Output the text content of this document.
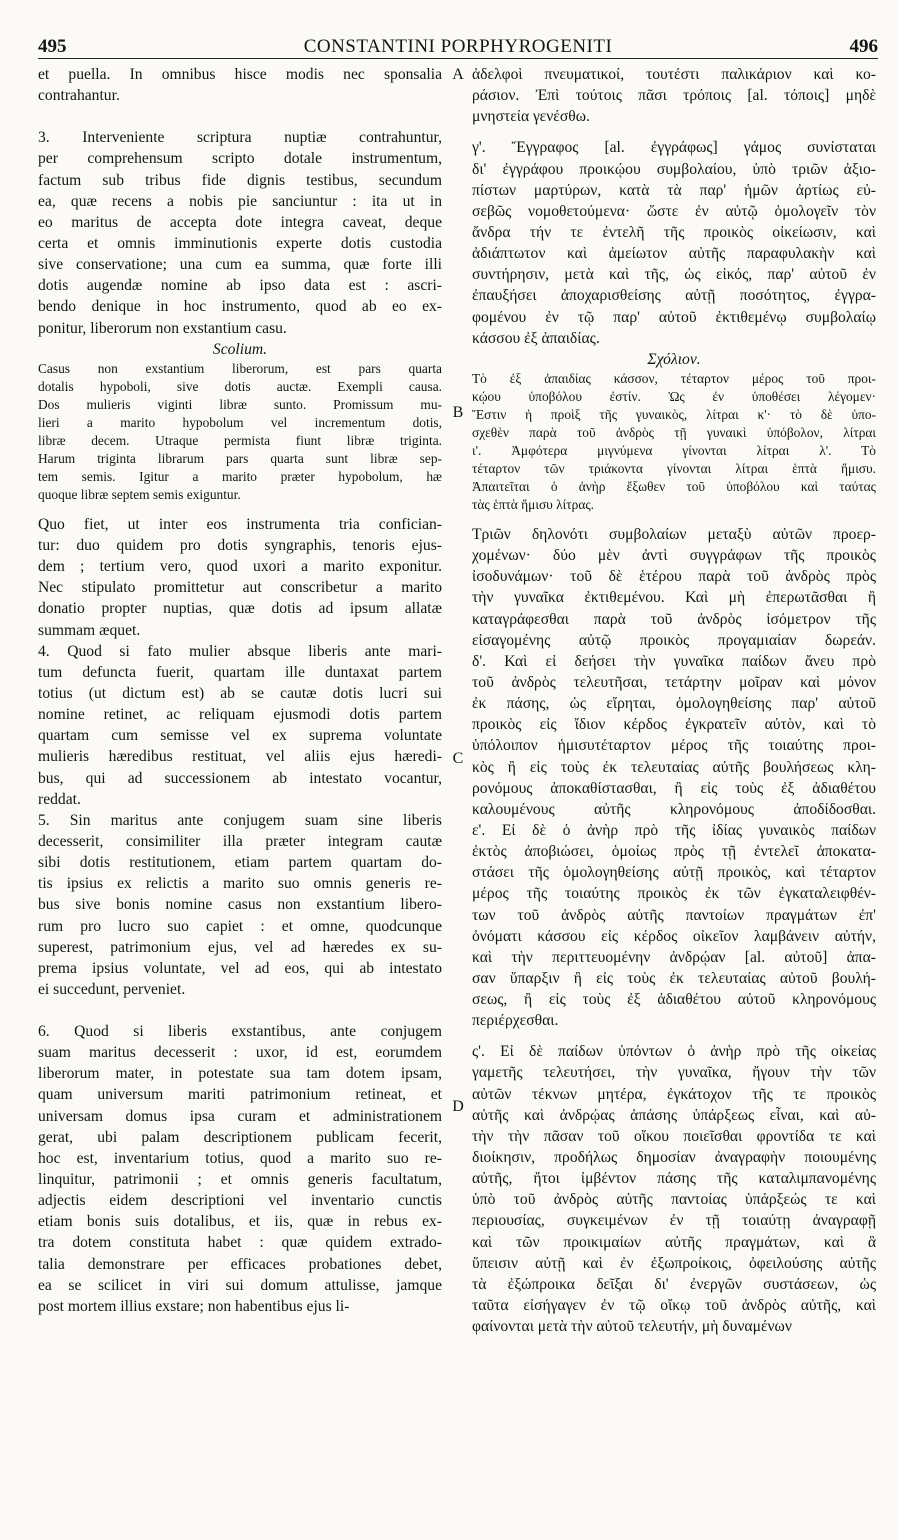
495	CONSTANTINI PORPHYROGENITI	496
A
B
C
D
et puella. In omnibus hisce modis nec sponsalia
contrahantur.
3. Interveniente scriptura nuptiæ contrahuntur,
per comprehensum scripto dotale instrumentum,
factum sub tribus fide dignis testibus, secundum
ea, quæ recens a nobis pie sanciuntur : ita ut in
eo maritus de accepta dote integra caveat, deque
certa et omnis imminutionis experte dotis custodia
sive conservatione; una cum ea summa, quæ forte illi
dotis augendæ nomine ab ipso data est : ascri-
bendo denique in hoc instrumento, quod ab eo ex-
ponitur, liberorum non exstantium casu.
Scolium.
Casus non exstantium liberorum, est pars quarta
dotalis hypoboli, sive dotis auctæ. Exempli causa.
Dos mulieris viginti libræ sunto. Promissum mu-
lieri a marito hypobolum vel incrementum dotis,
libræ decem. Utraque permista fiunt libræ triginta.
Harum triginta librarum pars quarta sunt libræ sep-
tem semis. Igitur a marito præter hypobolum, hæ
quoque libræ septem semis exiguntur.
Quo fiet, ut inter eos instrumenta tria confician-
tur: duo quidem pro dotis syngraphis, tenoris ejus-
dem ; tertium vero, quod uxori a marito exponitur.
Nec stipulato promittetur aut conscribetur a marito
donatio propter nuptias, quæ dotis ad ipsum allatæ
summam æquet.
4. Quod si fato mulier absque liberis ante mari-
tum defuncta fuerit, quartam ille duntaxat partem
totius (ut dictum est) ab se cautæ dotis lucri sui
nomine retinet, ac reliquam ejusmodi dotis partem
quartam cum semisse vel ex suprema voluntate
mulieris hæredibus restituat, vel aliis ejus hæredi-
bus, qui ad successionem ab intestato vocantur,
reddat.
5. Sin maritus ante conjugem suam sine liberis
decesserit, consimiliter illa præter integram cautæ
sibi dotis restitutionem, etiam partem quartam do-
tis ipsius ex relictis a marito suo omnis generis re-
bus sive bonis nomine casus non exstantium libero-
rum pro lucro suo capiet : et omne, quodcunque
superest, patrimonium ejus, vel ad hæredes ex su-
prema ipsius voluntate, vel ad eos, qui ab intestato
ei succedunt, perveniet.
6. Quod si liberis exstantibus, ante conjugem
suam maritus decesserit : uxor, id est, eorumdem
liberorum mater, in potestate sua tam dotem ipsam,
quam universum mariti patrimonium retineat, et
universam domus ipsa curam et administrationem
gerat, ubi palam descriptionem publicam fecerit,
hoc est, inventarium totius, quod a marito suo re-
linquitur, patrimonii ; et omnis generis facultatum,
adjectis eidem descriptioni vel inventario cunctis
etiam bonis suis dotalibus, et iis, quæ in rebus ex-
tra dotem constituta habet : quæ quidem extrado-
talia demonstrare per efficaces probationes debet,
ea se scilicet in viri sui domum attulisse, jamque
post mortem illius exstare; non habentibus ejus li-
ἀδελφοὶ πνευματικοί, τουτέστι παλικάριον καὶ κο-
ράσιον. Ἐπὶ τούτοις πᾶσι τρόποις [al. τόποις] μηδὲ
μνηστεία γενέσθω.
γ'. Ἔγγραφος [al. ἐγγράφως] γάμος συνίσταται
δι' ἐγγράφου προικῴου συμβολαίου, ὑπὸ τριῶν ἀξιο-
πίστων μαρτύρων, κατὰ τὰ παρ' ἡμῶν ἀρτίως εὐ-
σεβῶς νομοθετούμενα· ὥστε ἐν αὐτῷ ὁμολογεῖν τὸν
ἄνδρα τήν τε ἐντελῆ τῆς προικὸς οἰκείωσιν, καὶ
ἀδιάπτωτον καὶ ἀμείωτον αὐτῆς παραφυλακὴν καὶ
συντήρησιν, μετὰ καὶ τῆς, ὡς εἰκός, παρ' αὐτοῦ ἐν
ἐπαυξήσει ἀποχαρισθείσης αὐτῇ ποσότητος, ἐγγρα-
φομένου ἐν τῷ παρ' αὐτοῦ ἐκτιθεμένῳ συμβολαίῳ
κάσσου ἐξ ἀπαιδίας.
Σχόλιον.
Τὸ ἐξ ἀπαιδίας κάσσον, τέταρτον μέρος τοῦ προι-
κῴου ὑποβόλου ἐστίν. Ὡς ἐν ὑποθέσει λέγομεν·
Ἔστιν ἡ προὶξ τῆς γυναικὸς, λίτραι κ'· τὸ δὲ ὑπο-
σχεθὲν παρὰ τοῦ ἀνδρὸς τῇ γυναικὶ ὑπόβολον, λίτραι
ι'. Ἀμφότερα μιγνύμενα γίνονται λίτραι λ'. Τὸ
τέταρτον τῶν τριάκοντα γίνονται λίτραι ἑπτὰ ἥμισυ.
Ἀπαιτεῖται ὁ ἀνὴρ ἔξωθεν τοῦ ὑποβόλου καὶ ταύτας
τὰς ἑπτὰ ἥμισυ λίτρας.
Τριῶν δηλονότι συμβολαίων μεταξὺ αὐτῶν προερ-
χομένων· δύο μὲν ἀντὶ συγγράφων τῆς προικὸς
ἰσοδυνάμων· τοῦ δὲ ἑτέρου παρὰ τοῦ ἀνδρὸς πρὸς
τὴν γυναῖκα ἐκτιθεμένου. Καὶ μὴ ἐπερωτᾶσθαι ἢ
καταγράφεσθαι παρὰ τοῦ ἀνδρὸς ἰσόμετρον τῆς
εἰσαγομένης αὐτῷ προικὸς προγαμιαίαν δωρεάν.
δ'. Καὶ εἰ δεήσει τὴν γυναῖκα παίδων ἄνευ πρὸ
τοῦ ἀνδρὸς τελευτῆσαι, τετάρτην μοῖραν καὶ μόνον
ἐκ πάσης, ὡς εἴρηται, ὁμολογηθείσης παρ' αὐτοῦ
προικὸς εἰς ἴδιον κέρδος ἐγκρατεῖν αὐτὸν, καὶ τὸ
ὑπόλοιπον ἡμισυτέταρτον μέρος τῆς τοιαύτης προι-
κὸς ἢ εἰς τοὺς ἐκ τελευταίας αὐτῆς βουλήσεως κλη-
ρονόμους ἀποκαθίστασθαι, ἢ εἰς τοὺς ἐξ ἀδιαθέτου
καλουμένους αὐτῆς κληρονόμους ἀποδίδοσθαι.
ε'. Εἰ δὲ ὁ ἀνὴρ πρὸ τῆς ἰδίας γυναικὸς παίδων
ἐκτὸς ἀποβιώσει, ὁμοίως πρὸς τῇ ἐντελεῖ ἀποκατα-
στάσει τῆς ὁμολογηθείσης αὐτῇ προικὸς, καὶ τέταρτον
μέρος τῆς τοιαύτης προικὸς ἐκ τῶν ἐγκαταλειφθέν-
των τοῦ ἀνδρὸς αὐτῆς παντοίων πραγμάτων ἐπ'
ὀνόματι κάσσου εἰς κέρδος οἰκεῖον λαμβάνειν αὐτήν,
καὶ τὴν περιττευομένην ἀνδρῴαν [al. αὐτοῦ] ἀπα-
σαν ὕπαρξιν ἢ εἰς τοὺς ἐκ τελευταίας αὐτοῦ βουλή-
σεως, ἢ εἰς τοὺς ἐξ ἀδιαθέτου αὐτοῦ κληρονόμους
περιέρχεσθαι.
ς'. Εἰ δὲ παίδων ὑπόντων ὁ ἀνὴρ πρὸ τῆς οἰκείας
γαμετῆς τελευτήσει, τὴν γυναῖκα, ἤγουν τὴν τῶν
αὐτῶν τέκνων μητέρα, ἐγκάτοχον τῆς τε προικὸς
αὐτῆς καὶ ἀνδρῴας ἁπάσης ὑπάρξεως εἶναι, καὶ αὐ-
τὴν τὴν πᾶσαν τοῦ οἴκου ποιεῖσθαι φροντίδα τε καὶ
διοίκησιν, προδήλως δημοσίαν ἀναγραφὴν ποιουμένης
αὐτῆς, ἤτοι ἰμβέντον πάσης τῆς καταλιμπανομένης
ὑπὸ τοῦ ἀνδρὸς αὐτῆς παντοίας ὑπάρξεώς τε καὶ
περιουσίας, συγκειμένων ἐν τῇ τοιαύτῃ ἀναγραφῇ
καὶ τῶν προικιμαίων αὐτῆς πραγμάτων, καὶ ἃ
ὕπεισιν αὐτῇ καὶ ἐν ἐξωπροίκοις, ὀφειλούσης αὐτῆς
τὰ ἐξώπροικα δεῖξαι δι' ἐνεργῶν συστάσεων, ὡς
ταῦτα εἰσήγαγεν ἐν τῷ οἴκῳ τοῦ ἀνδρὸς αὐτῆς, καὶ
φαίνονται μετὰ τὴν αὐτοῦ τελευτήν, μὴ δυναμένων
